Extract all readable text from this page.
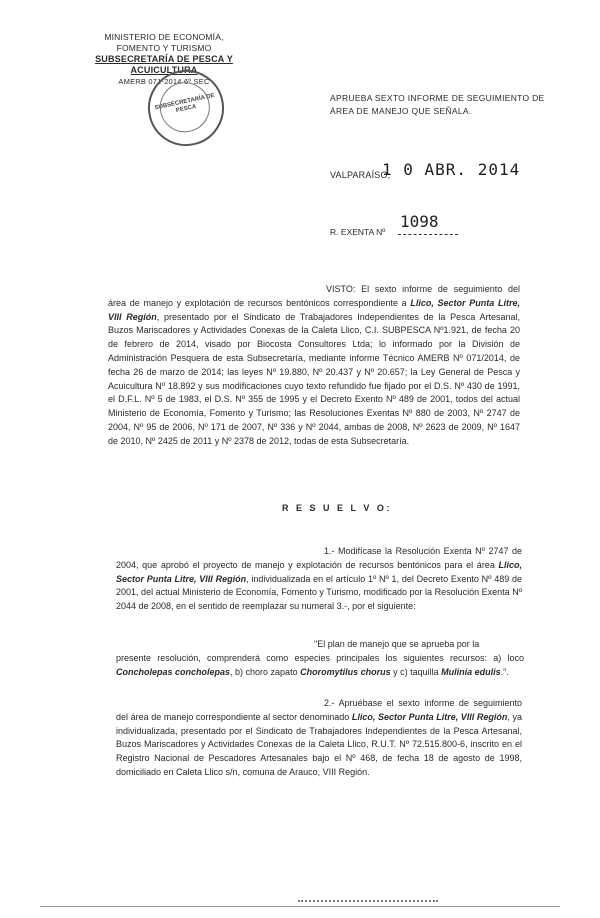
MINISTERIO DE ECONOMÍA,
FOMENTO Y TURISMO
SUBSECRETARÍA DE PESCA Y ACUICULTURA
AMERB 071-2014 6º SEC
SUBSECRETARÍA DE PESCA
APRUEBA SEXTO INFORME DE SEGUIMIENTO DE ÁREA DE MANEJO QUE SEÑALA.
VALPARAÍSO,
1 0 ABR. 2014
R. EXENTA Nº
1098

VISTO: El sexto informe de seguimiento del área de manejo y explotación de recursos bentónicos correspondiente a Llico, Sector Punta Litre, VIII Región, presentado por el Sindicato de Trabajadores Independientes de la Pesca Artesanal, Buzos Mariscadores y Actividades Conexas de la Caleta Llico, C.I. SUBPESCA Nº1.921, de fecha 20 de febrero de 2014, visado por Biocosta Consultores Ltda; lo informado por la División de Administración Pesquera de esta Subsecretaría, mediante informe Técnico AMERB Nº 071/2014, de fecha 26 de marzo de 2014; las leyes Nº 19.880, Nº 20.437 y Nº 20.657; la Ley General de Pesca y Acuicultura Nº 18.892 y sus modificaciones cuyo texto refundido fue fijado por el D.S. Nº 430 de 1991, el D.F.L. Nº 5 de 1983, el D.S. Nº 355 de 1995 y el Decreto Exento Nº 489 de 2001, todos del actual Ministerio de Economía, Fomento y Turismo; las Resoluciones Exentas Nº 880 de 2003, Nº 2747 de 2004, Nº 95 de 2006, Nº 171 de 2007, Nº 336 y Nº 2044, ambas de 2008, Nº 2623 de 2009, Nº 1647 de 2010, Nº 2425 de 2011 y Nº 2378 de 2012, todas de esta Subsecretaría.

R E S U E L V O:

1.- Modifícase la Resolución Exenta Nº 2747 de 2004, que aprobó el proyecto de manejo y explotación de recursos bentónicos para el área Llico, Sector Punta Litre, VIII Región, individualizada en el artículo 1º Nº 1, del Decreto Exento Nº 489 de 2001, del actual Ministerio de Economía, Fomento y Turismo, modificado por la Resolución Exenta Nº 2044 de 2008, en el sentido de reemplazar su numeral 3.-, por el siguiente:

"El plan de manejo que se aprueba por la

presente resolución, comprenderá como especies principales los siguientes recursos: a) loco Concholepas concholepas, b) choro zapato Choromytilus chorus y c) taquilla Mulinia edulis.".

2.- Apruébase el sexto informe de seguimiento del área de manejo correspondiente al sector denominado Llico, Sector Punta Litre, VIII Región, ya individualizada, presentado por el Sindicato de Trabajadores Independientes de la Pesca Artesanal, Buzos Mariscadores y Actividades Conexas de la Caleta Llico, R.U.T. Nº 72.515.800-6, inscrito en el Registro Nacional de Pescadores Artesanales bajo el Nº 468, de fecha 18 de agosto de 1998, domiciliado en Caleta Llico s/n, comuna de Arauco, VIII Región.
